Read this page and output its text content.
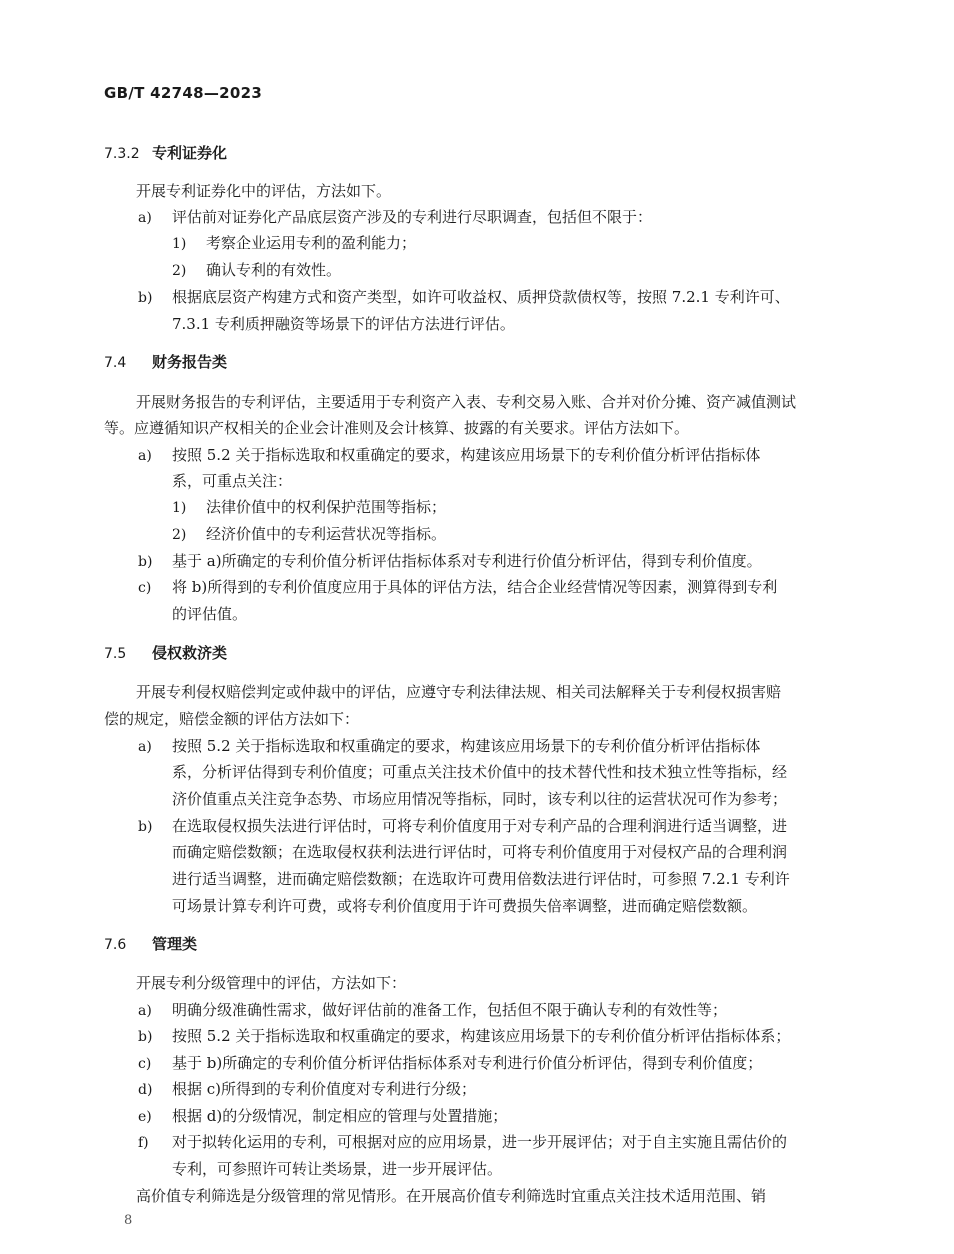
GB/T 42748—2023
7.3.2 专利证券化
开展专利证券化中的评估，方法如下。
a) 评估前对证券化产品底层资产涉及的专利进行尽职调查，包括但不限于：
1) 考察企业运用专利的盈利能力；
2) 确认专利的有效性。
b) 根据底层资产构建方式和资产类型，如许可收益权、质押贷款债权等，按照 7.2.1 专利许可、
7.3.1 专利质押融资等场景下的评估方法进行评估。
7.4 财务报告类
开展财务报告的专利评估，主要适用于专利资产入表、专利交易入账、合并对价分摊、资产减值测试
等。应遵循知识产权相关的企业会计准则及会计核算、披露的有关要求。评估方法如下。
a) 按照 5.2 关于指标选取和权重确定的要求，构建该应用场景下的专利价值分析评估指标体
系，可重点关注：
1) 法律价值中的权利保护范围等指标；
2) 经济价值中的专利运营状况等指标。
b) 基于 a)所确定的专利价值分析评估指标体系对专利进行价值分析评估，得到专利价值度。
c) 将 b)所得到的专利价值度应用于具体的评估方法，结合企业经营情况等因素，测算得到专利
的评估值。
7.5 侵权救济类
开展专利侵权赔偿判定或仲裁中的评估，应遵守专利法律法规、相关司法解释关于专利侵权损害赔
偿的规定，赔偿金额的评估方法如下：
a) 按照 5.2 关于指标选取和权重确定的要求，构建该应用场景下的专利价值分析评估指标体
系，分析评估得到专利价值度；可重点关注技术价值中的技术替代性和技术独立性等指标，经
济价值重点关注竞争态势、市场应用情况等指标，同时，该专利以往的运营状况可作为参考；
b) 在选取侵权损失法进行评估时，可将专利价值度用于对专利产品的合理利润进行适当调整，进
而确定赔偿数额；在选取侵权获利法进行评估时，可将专利价值度用于对侵权产品的合理利润
进行适当调整，进而确定赔偿数额；在选取许可费用倍数法进行评估时，可参照 7.2.1 专利许
可场景计算专利许可费，或将专利价值度用于许可费损失倍率调整，进而确定赔偿数额。
7.6 管理类
开展专利分级管理中的评估，方法如下：
a) 明确分级准确性需求，做好评估前的准备工作，包括但不限于确认专利的有效性等；
b) 按照 5.2 关于指标选取和权重确定的要求，构建该应用场景下的专利价值分析评估指标体系；
c) 基于 b)所确定的专利价值分析评估指标体系对专利进行价值分析评估，得到专利价值度；
d) 根据 c)所得到的专利价值度对专利进行分级；
e) 根据 d)的分级情况，制定相应的管理与处置措施；
f) 对于拟转化运用的专利，可根据对应的应用场景，进一步开展评估；对于自主实施且需估价的
专利，可参照许可转让类场景，进一步开展评估。
高价值专利筛选是分级管理的常见情形。在开展高价值专利筛选时宜重点关注技术适用范围、销
8
